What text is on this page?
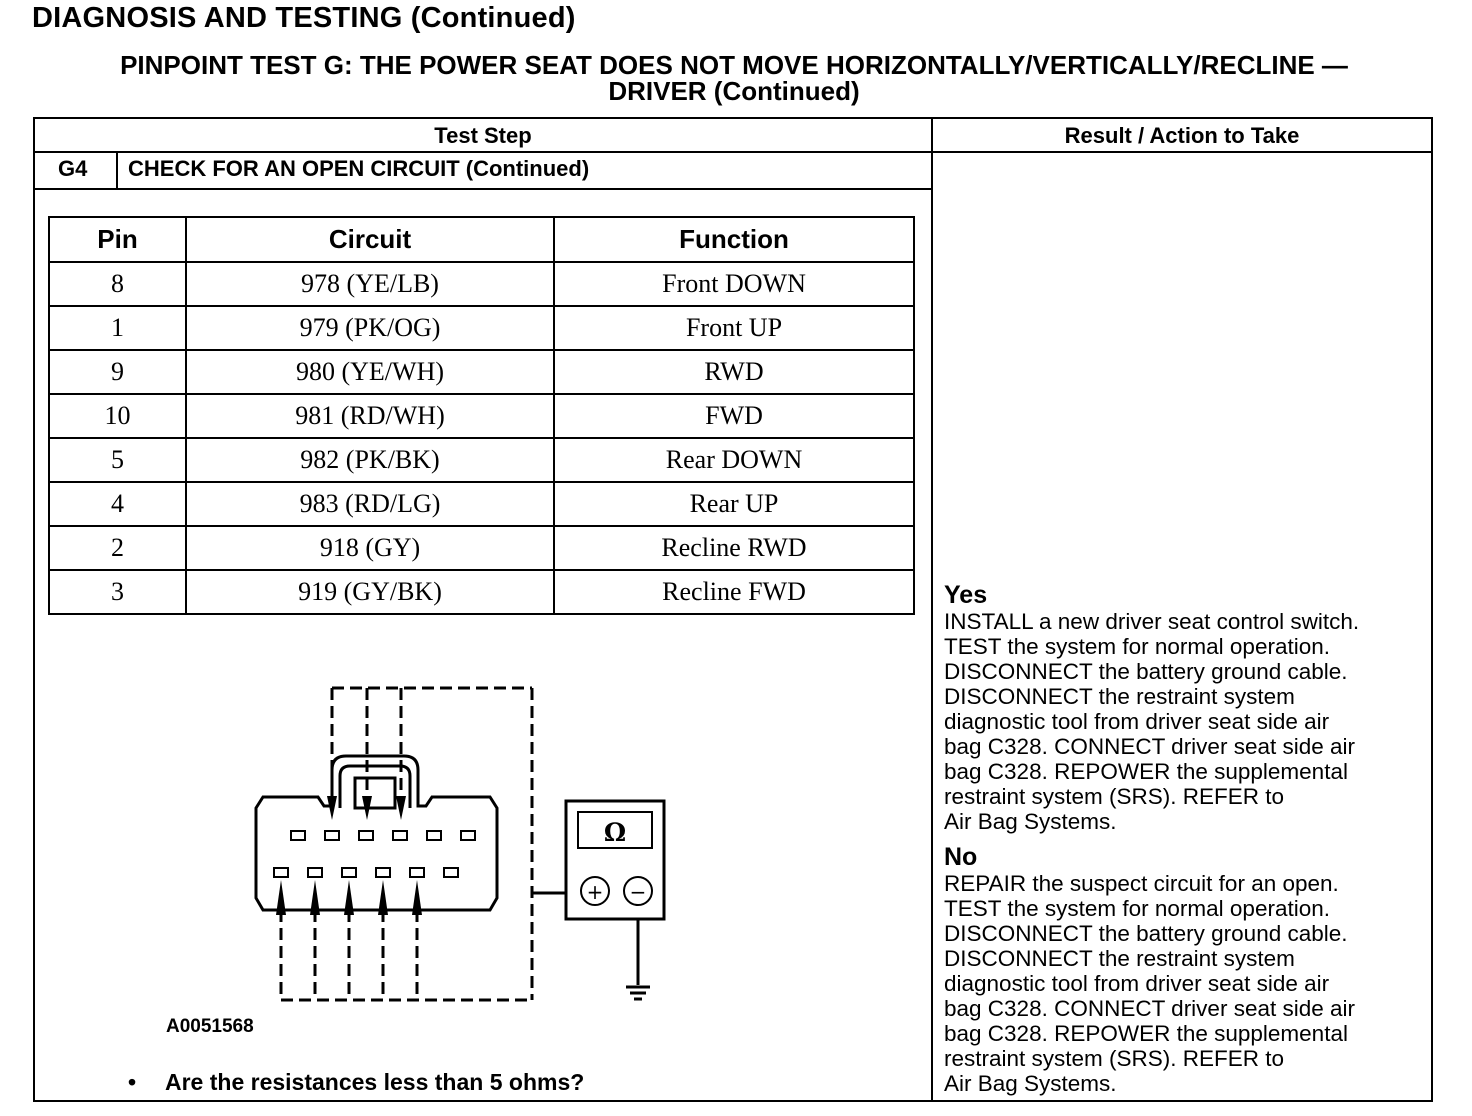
DIAGNOSIS AND TESTING (Continued)
PINPOINT TEST G: THE POWER SEAT DOES NOT MOVE HORIZONTALLY/VERTICALLY/RECLINE —
DRIVER (Continued)
Test Step	Result / Action to Take
G4 CHECK FOR AN OPEN CIRCUIT (Continued)
Pin	Circuit	Function
8	978 (YE/LB)	Front DOWN
1	979 (PK/OG)	Front UP
9	980 (YE/WH)	RWD
10	981 (RD/WH)	FWD
5	982 (PK/BK)	Rear DOWN
4	983 (RD/LG)	Rear UP
2	918 (GY)	Recline RWD
3	919 (GY/BK)	Recline FWD
Ω
+ −
A0051568
• Are the resistances less than 5 ohms?
Yes
INSTALL a new driver seat control switch.
TEST the system for normal operation.
DISCONNECT the battery ground cable.
DISCONNECT the restraint system
diagnostic tool from driver seat side air
bag C328. CONNECT driver seat side air
bag C328. REPOWER the supplemental
restraint system (SRS). REFER to
Air Bag Systems.
No
REPAIR the suspect circuit for an open.
TEST the system for normal operation.
DISCONNECT the battery ground cable.
DISCONNECT the restraint system
diagnostic tool from driver seat side air
bag C328. CONNECT driver seat side air
bag C328. REPOWER the supplemental
restraint system (SRS). REFER to
Air Bag Systems.
